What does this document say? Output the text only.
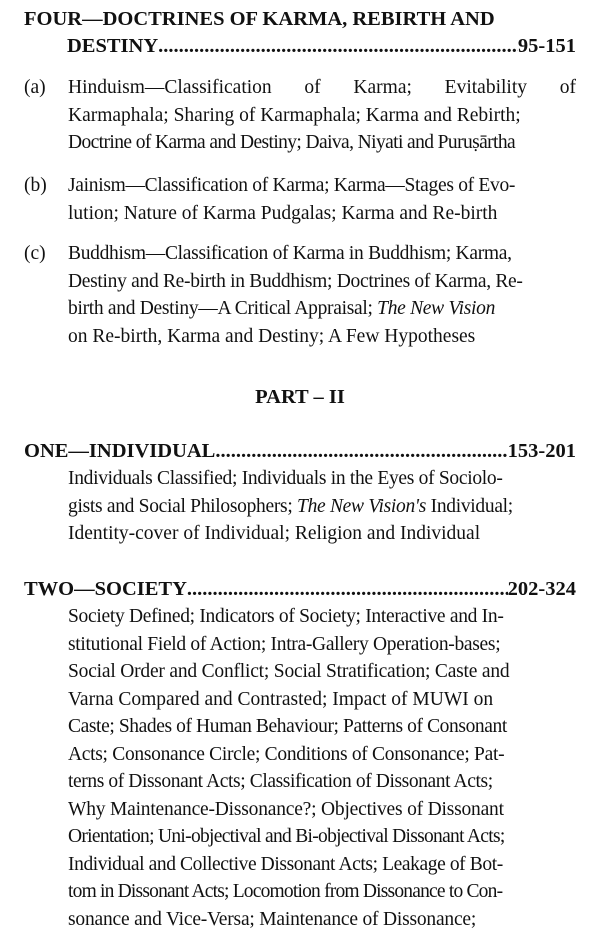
FOUR—DOCTRINES OF KARMA, REBIRTH AND
DESTINY .....	95-151
(a) Hinduism—Classification of Karma; Evitability of
Karmaphala; Sharing of Karmaphala; Karma and Rebirth;
Doctrine of Karma and Destiny; Daiva, Niyati and Puruṣārtha
(b) Jainism—Classification of Karma; Karma—Stages of Evo-
lution; Nature of Karma Pudgalas; Karma and Re-birth
(c) Buddhism—Classification of Karma in Buddhism; Karma,
Destiny and Re-birth in Buddhism; Doctrines of Karma, Re-
birth and Destiny—A Critical Appraisal; The New Vision
on Re-birth, Karma and Destiny; A Few Hypotheses
PART – II
ONE—INDIVIDUAL .....	153-201
Individuals Classified; Individuals in the Eyes of Sociolo-
gists and Social Philosophers; The New Vision's Individual;
Identity-cover of Individual; Religion and Individual
TWO—SOCIETY .....	202-324
Society Defined; Indicators of Society; Interactive and In-
stitutional Field of Action; Intra-Gallery Operation-bases;
Social Order and Conflict; Social Stratification; Caste and
Varna Compared and Contrasted; Impact of MUWI on
Caste; Shades of Human Behaviour; Patterns of Consonant
Acts; Consonance Circle; Conditions of Consonance; Pat-
terns of Dissonant Acts; Classification of Dissonant Acts;
Why Maintenance-Dissonance?; Objectives of Dissonant
Orientation; Uni-objectival and Bi-objectival Dissonant Acts;
Individual and Collective Dissonant Acts; Leakage of Bot-
tom in Dissonant Acts; Locomotion from Dissonance to Con-
sonance and Vice-Versa; Maintenance of Dissonance;
